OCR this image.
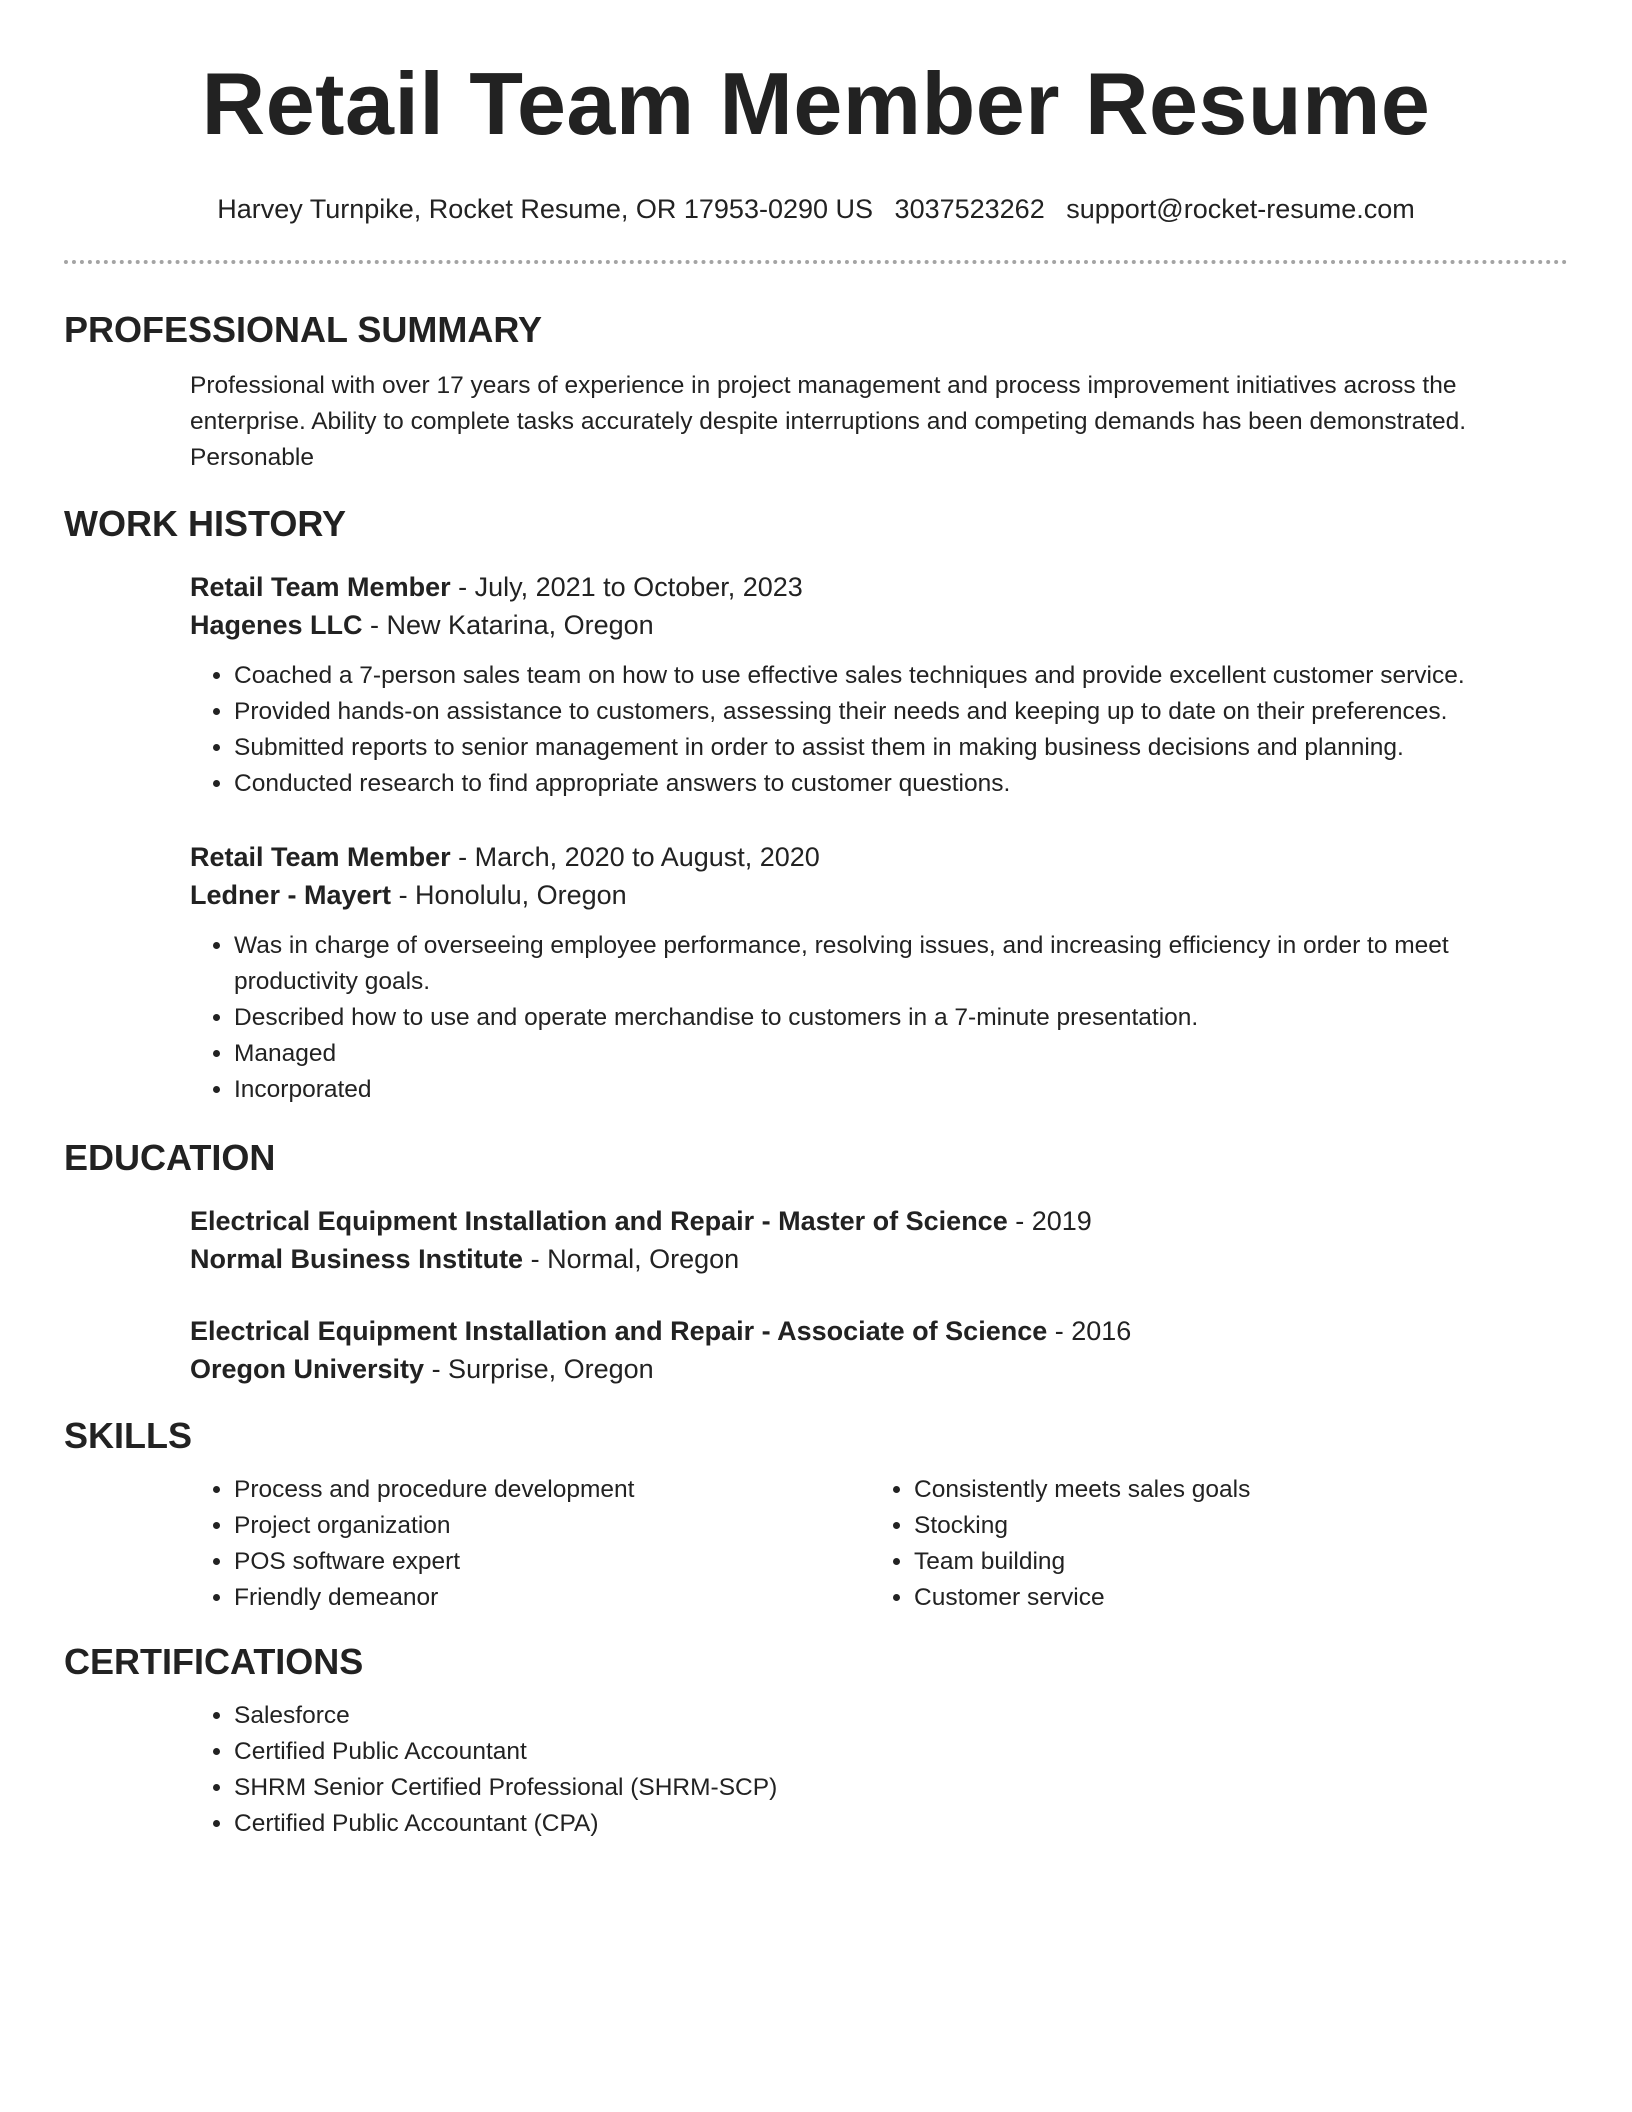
Retail Team Member Resume
Harvey Turnpike, Rocket Resume, OR 17953-0290 US 3037523262 support@rocket-resume.com
PROFESSIONAL SUMMARY
Professional with over 17 years of experience in project management and process improvement initiatives across the enterprise. Ability to complete tasks accurately despite interruptions and competing demands has been demonstrated. Personable
WORK HISTORY
Retail Team Member - July, 2021 to October, 2023
Hagenes LLC - New Katarina, Oregon
• Coached a 7-person sales team on how to use effective sales techniques and provide excellent customer service.
• Provided hands-on assistance to customers, assessing their needs and keeping up to date on their preferences.
• Submitted reports to senior management in order to assist them in making business decisions and planning.
• Conducted research to find appropriate answers to customer questions.
Retail Team Member - March, 2020 to August, 2020
Ledner - Mayert - Honolulu, Oregon
• Was in charge of overseeing employee performance, resolving issues, and increasing efficiency in order to meet productivity goals.
• Described how to use and operate merchandise to customers in a 7-minute presentation.
• Managed
• Incorporated
EDUCATION
Electrical Equipment Installation and Repair - Master of Science - 2019
Normal Business Institute - Normal, Oregon
Electrical Equipment Installation and Repair - Associate of Science - 2016
Oregon University - Surprise, Oregon
SKILLS
• Process and procedure development
• Project organization
• POS software expert
• Friendly demeanor
• Consistently meets sales goals
• Stocking
• Team building
• Customer service
CERTIFICATIONS
• Salesforce
• Certified Public Accountant
• SHRM Senior Certified Professional (SHRM-SCP)
• Certified Public Accountant (CPA)
